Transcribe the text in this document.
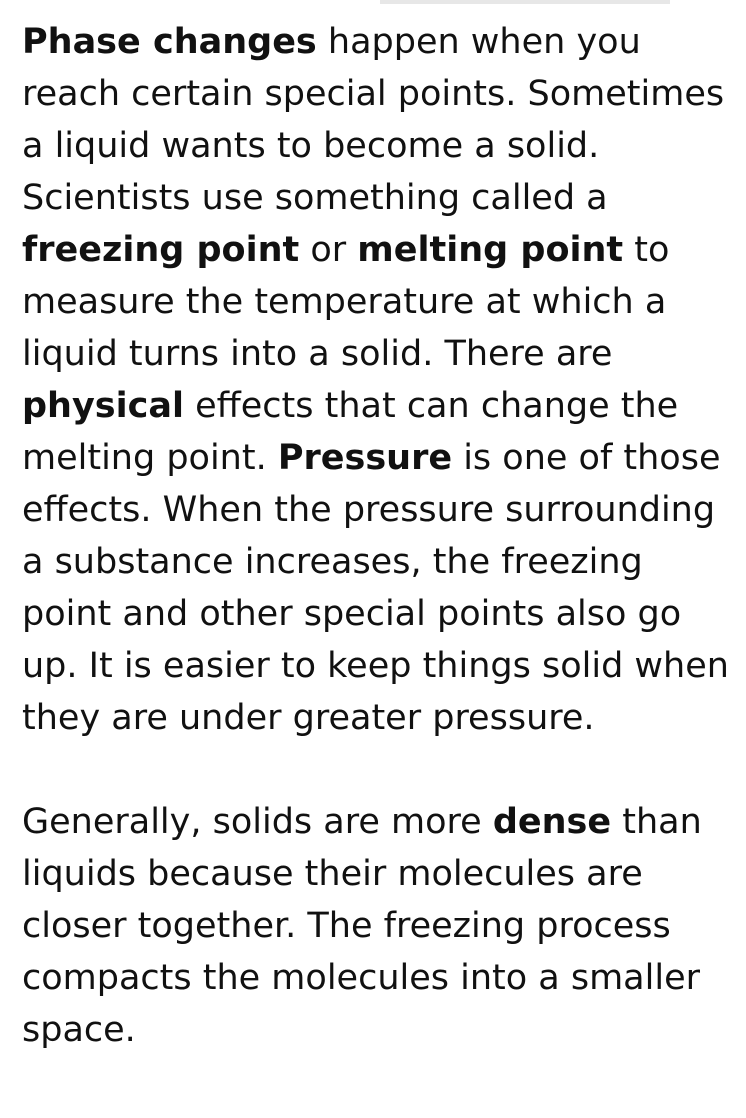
Phase changes happen when you reach certain special points. Sometimes a liquid wants to become a solid. Scientists use something called a freezing point or melting point to measure the temperature at which a liquid turns into a solid. There are physical effects that can change the melting point. Pressure is one of those effects. When the pressure surrounding a substance increases, the freezing point and other special points also go up. It is easier to keep things solid when they are under greater pressure.

Generally, solids are more dense than liquids because their molecules are closer together. The freezing process compacts the molecules into a smaller space.
